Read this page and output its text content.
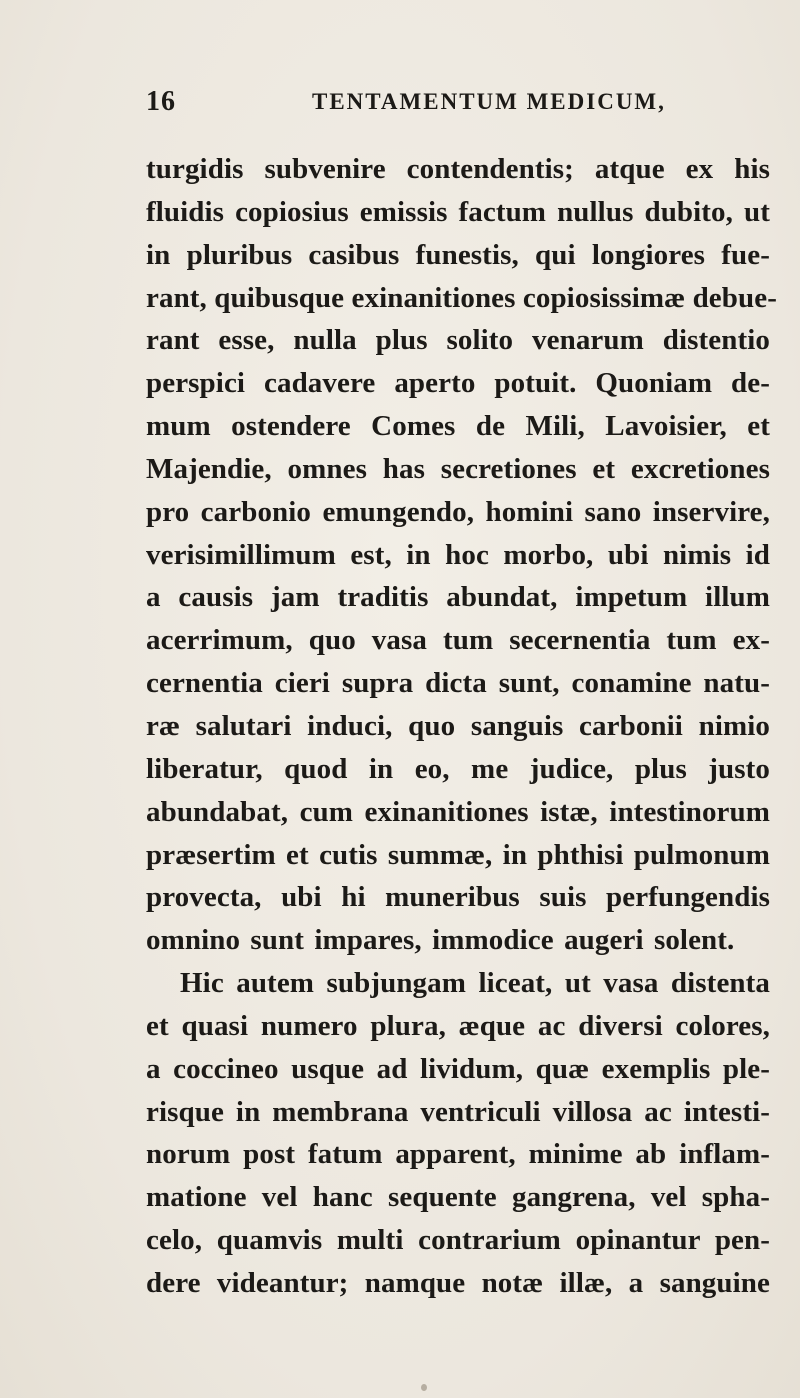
16	TENTAMENTUM MEDICUM,
turgidis subvenire contendentis; atque ex his
fluidis copiosius emissis factum nullus dubito, ut
in pluribus casibus funestis, qui longiores fue-
rant, quibusque exinanitiones copiosissimæ debue-
rant esse, nulla plus solito venarum distentio
perspici cadavere aperto potuit. Quoniam de-
mum ostendere Comes de Mili, Lavoisier, et
Majendie, omnes has secretiones et excretiones
pro carbonio emungendo, homini sano inservire,
verisimillimum est, in hoc morbo, ubi nimis id
a causis jam traditis abundat, impetum illum
acerrimum, quo vasa tum secernentia tum ex-
cernentia cieri supra dicta sunt, conamine natu-
ræ salutari induci, quo sanguis carbonii nimio
liberatur, quod in eo, me judice, plus justo
abundabat, cum exinanitiones istæ, intestinorum
præsertim et cutis summæ, in phthisi pulmonum
provecta, ubi hi muneribus suis perfungendis
omnino sunt impares, immodice augeri solent.
Hic autem subjungam liceat, ut vasa distenta
et quasi numero plura, æque ac diversi colores,
a coccineo usque ad lividum, quæ exemplis ple-
risque in membrana ventriculi villosa ac intesti-
norum post fatum apparent, minime ab inflam-
matione vel hanc sequente gangrena, vel spha-
celo, quamvis multi contrarium opinantur pen-
dere videantur; namque notæ illæ, a sanguine
